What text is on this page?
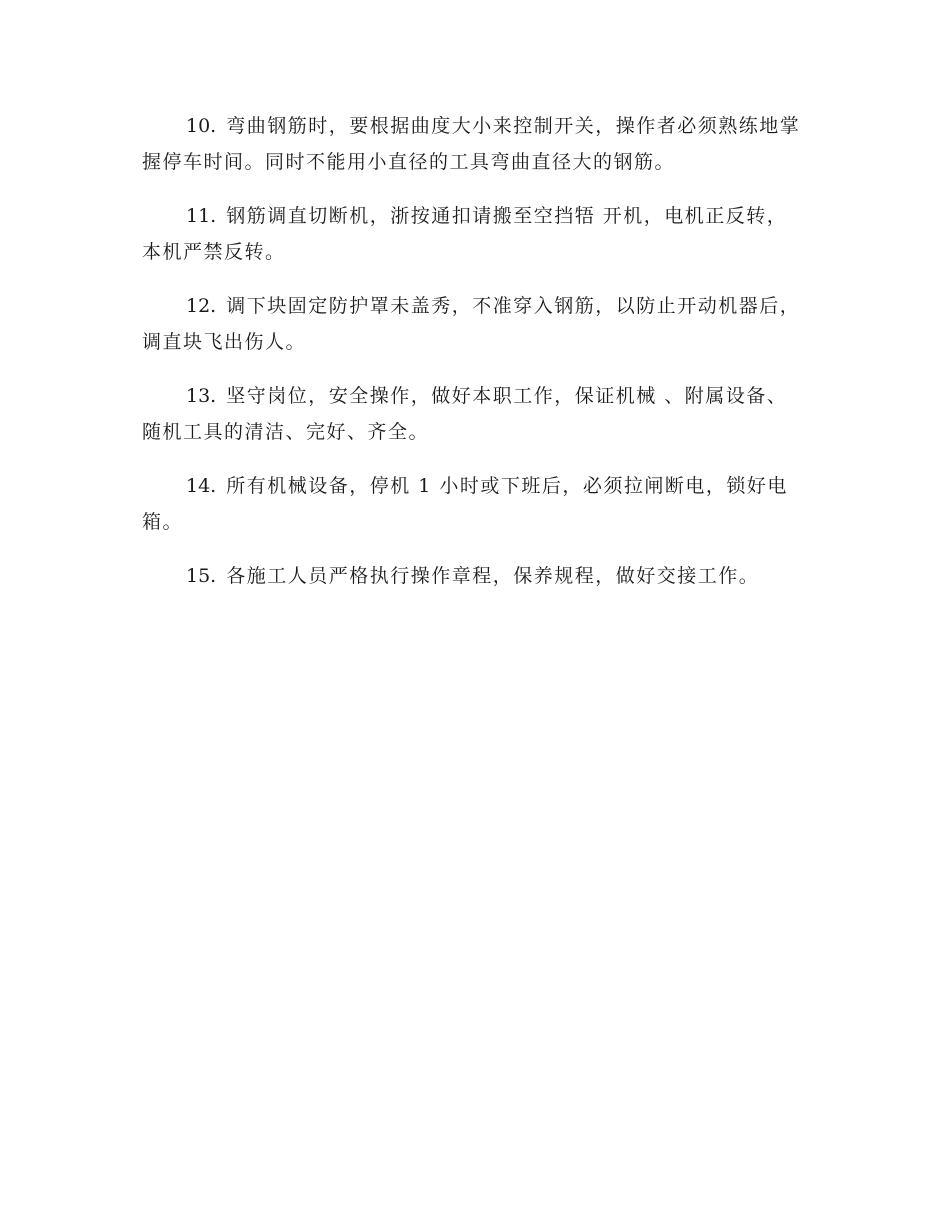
10. 弯曲钢筋时，要根据曲度大小来控制开关，操作者必须熟练地掌握停车时间。同时不能用小直径的工具弯曲直径大的钢筋。

11. 钢筋调直切断机，浙按通扣请搬至空挡牾 开机，电机正反转，本机严禁反转。

12. 调下块固定防护罩未盖秀，不准穿入钢筋，以防止开动机器后，调直块飞出伤人。

13. 坚守岗位，安全操作，做好本职工作，保证机械 、附属设备、随机工具的清洁、完好、齐全。

14. 所有机械设备，停机 1 小时或下班后，必须拉闸断电，锁好电箱。

15. 各施工人员严格执行操作章程，保养规程，做好交接工作。
